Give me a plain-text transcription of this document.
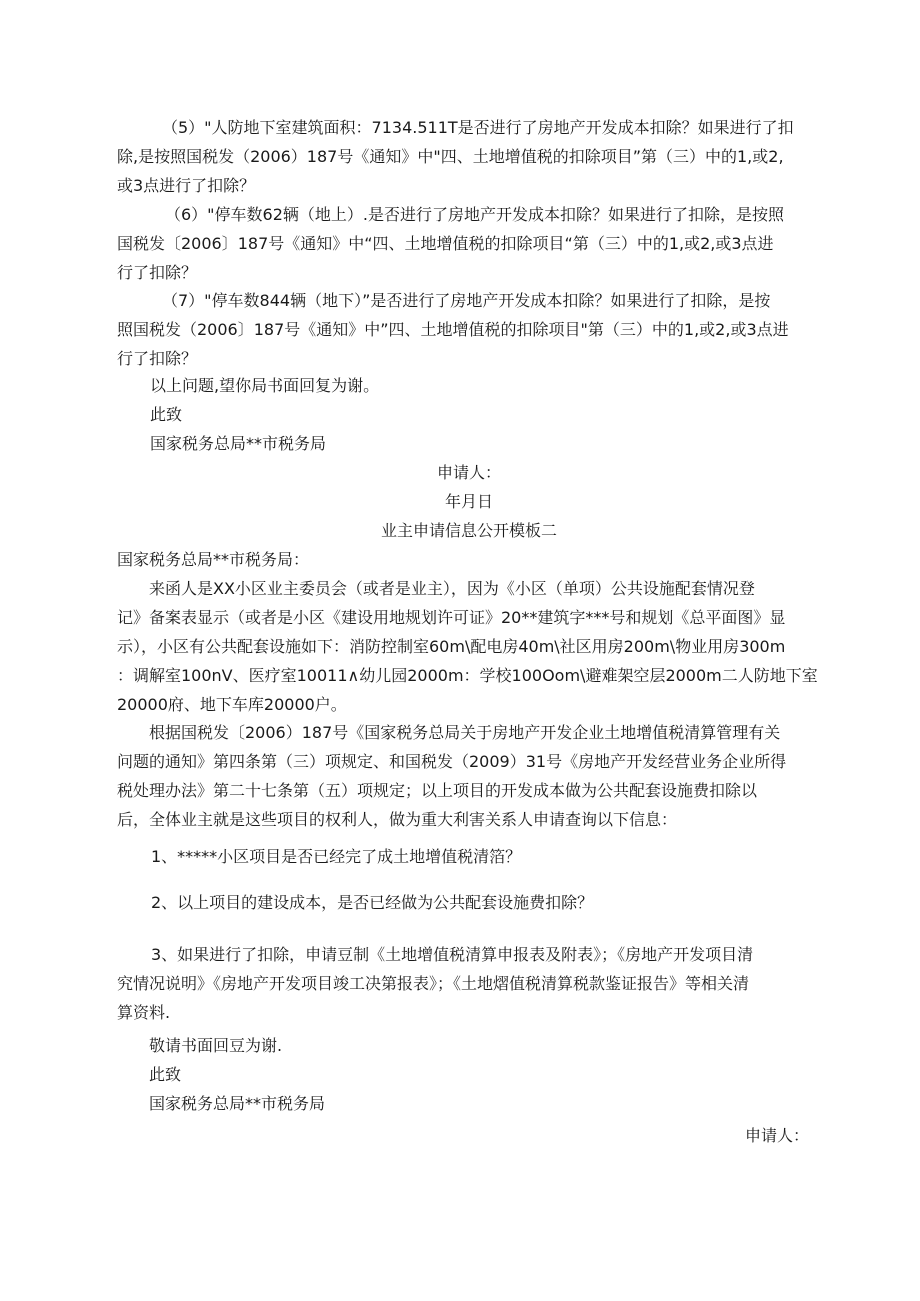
（5）"人防地下室建筑面积：7134.511T是否进行了房地产开发成本扣除？如果进行了扣
除,是按照国税发（2006）187号《通知》中"四、土地增值税的扣除项目”第（三）中的1,或2,
或3点进行了扣除？
（6）"停车数62辆（地上）.是否进行了房地产开发成本扣除？如果进行了扣除，是按照
国税发〔2006〕187号《通知》中“四、土地增值税的扣除项目“第（三）中的1,或2,或3点进
行了扣除？
（7）"停车数844辆（地下）”是否进行了房地产开发成本扣除？如果进行了扣除，是按
照国税发（2006〕187号《通知》中”四、土地增值税的扣除项目"第（三）中的1,或2,或3点进
行了扣除？
以上问题,望你局书面回复为谢。
此致
国家税务总局**市税务局
申请人：
年月日
业主申请信息公开模板二
国家税务总局**市税务局：
来函人是XX小区业主委员会（或者是业主），因为《小区（单项）公共设施配套情况登
记》备案表显示（或者是小区《建设用地规划许可证》20**建筑字***号和规划《总平面图》显
示），小区有公共配套设施如下：消防控制室60m\配电房40m\社区用房200m\物业用房300m
：调解室100nV、医疗室10011∧幼儿园2000m：学校100Oom\避难架空层2000m二人防地下室
20000府、地下车库20000户。
根据国税发〔2006）187号《国家税务总局关于房地产开发企业土地增值税清算管理有关
问题的通知》第四条第（三）项规定、和国税发（2009）31号《房地产开发经营业务企业所得
税处理办法》第二十七条第（五）项规定；以上项目的开发成本做为公共配套设施费扣除以
后，全体业主就是这些项目的权利人，做为重大利害关系人申请查询以下信息：
1、*****小区项目是否已经完了成土地增值税清箔？
2、以上项目的建设成本，是否已经做为公共配套设施费扣除？
3、如果进行了扣除，申请豆制《土地增值税清算申报表及附表》；《房地产开发项目清
究情况说明》《房地产开发项目竣工决第报表》；《土地熠值税清算税款鉴证报告》等相关清
算资料.
敬请书面回豆为谢.
此致
国家税务总局**市税务局
申请人：
